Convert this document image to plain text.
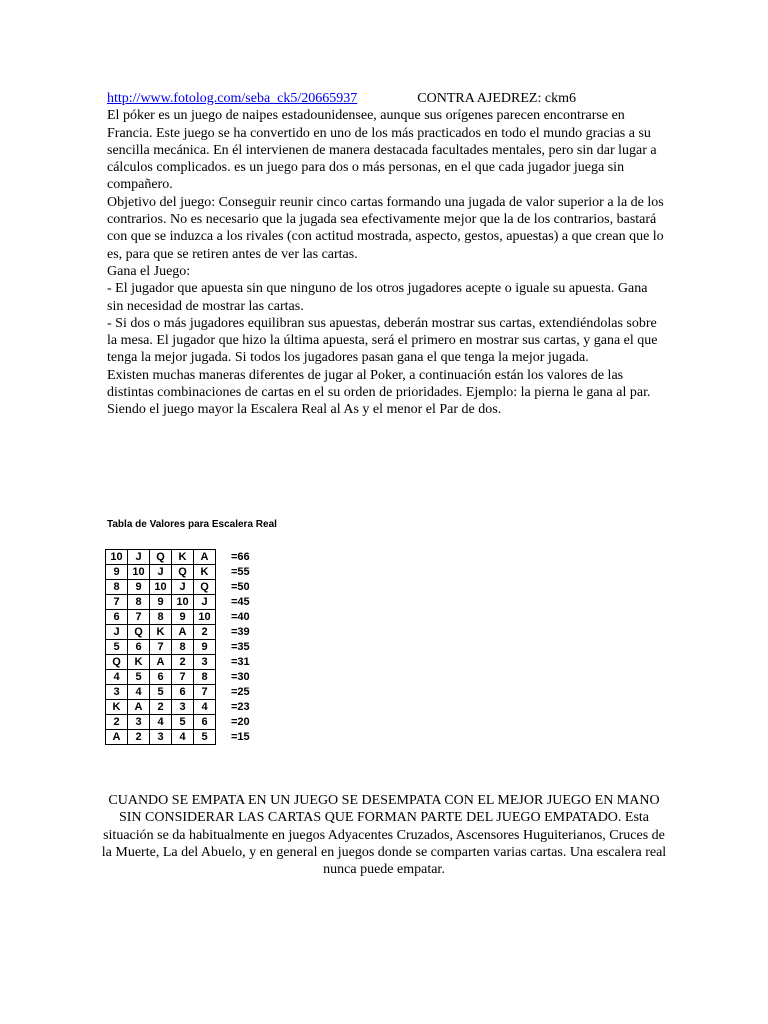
http://www.fotolog.com/seba_ck5/20665937	CONTRA AJEDREZ: ckm6

El póker es un juego de naipes estadounidensee, aunque sus orígenes parecen encontrarse en Francia. Este juego se ha convertido en uno de los más practicados en todo el mundo gracias a su sencilla mecánica. En él intervienen de manera destacada facultades mentales, pero sin dar lugar a cálculos complicados. es un juego para dos o más personas, en el que cada jugador juega sin compañero.

Objetivo del juego: Conseguir reunir cinco cartas formando una jugada de valor superior a la de los contrarios. No es necesario que la jugada sea efectivamente mejor que la de los contrarios, bastará con que se induzca a los rivales (con actitud mostrada, aspecto, gestos, apuestas) a que crean que lo es, para que se retiren antes de ver las cartas.

Gana el Juego:

- El jugador que apuesta sin que ninguno de los otros jugadores acepte o iguale su apuesta. Gana sin necesidad de mostrar las cartas.

- Si dos o más jugadores equilibran sus apuestas, deberán mostrar sus cartas, extendiéndolas sobre la mesa. El jugador que hizo la última apuesta, será el primero en mostrar sus cartas, y gana el que tenga la mejor jugada. Si todos los jugadores pasan gana el que tenga la mejor jugada.

Existen muchas maneras diferentes de jugar al Poker, a continuación están los valores de las distintas combinaciones de cartas en el su orden de prioridades. Ejemplo: la pierna le gana al par. Siendo el juego mayor la Escalera Real al As y el menor el Par de dos.

Tabla de Valores para Escalera Real
10	J	Q	K	A	=66
9	10	J	Q	K	=55
8	9	10	J	Q	=50
7	8	9	10	J	=45
6	7	8	9	10	=40
J	Q	K	A	2	=39
5	6	7	8	9	=35
Q	K	A	2	3	=31
4	5	6	7	8	=30
3	4	5	6	7	=25
K	A	2	3	4	=23
2	3	4	5	6	=20
A	2	3	4	5	=15
CUANDO SE EMPATA EN UN JUEGO SE DESEMPATA CON EL MEJOR JUEGO EN MANO SIN CONSIDERAR LAS CARTAS QUE FORMAN PARTE DEL JUEGO EMPATADO. Esta situación se da habitualmente en juegos Adyacentes Cruzados, Ascensores Huguiterianos, Cruces de la Muerte, La del Abuelo, y en general en juegos donde se comparten varias cartas. Una escalera real nunca puede empatar.
